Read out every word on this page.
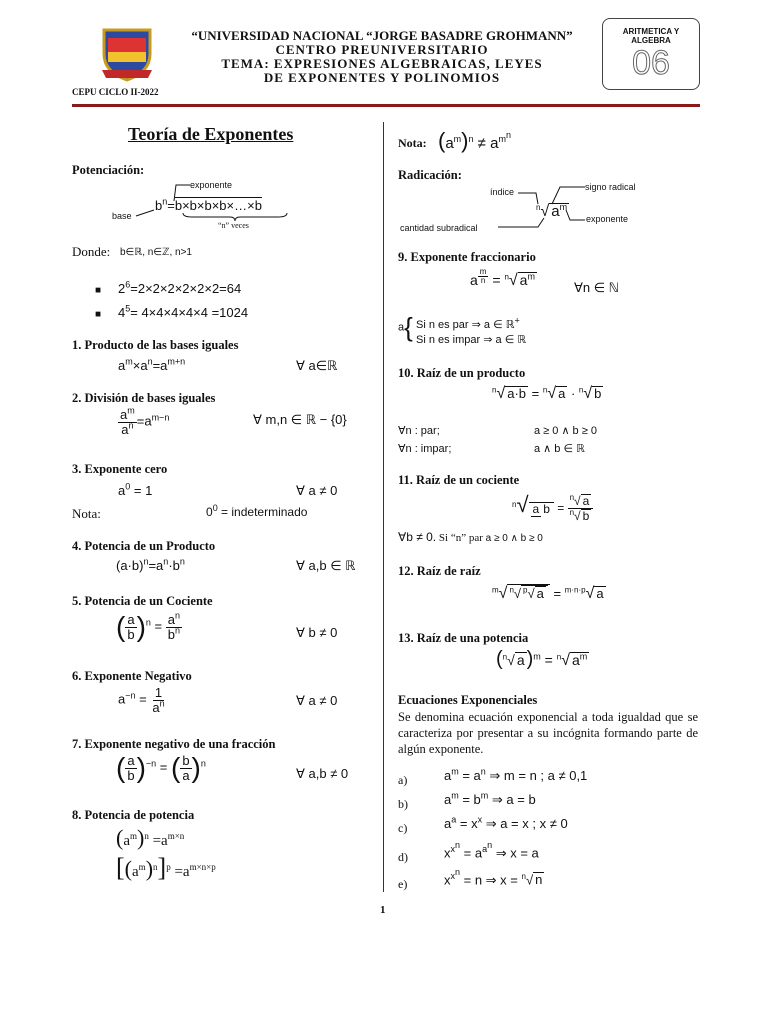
“UNIVERSIDAD NACIONAL “JORGE BASADRE GROHMANN”
CENTRO PREUNIVERSITARIO
TEMA: EXPRESIONES ALGEBRAICAS, LEYES
DE EXPONENTES Y POLINOMIOS
CEPU CICLO II-2022
ARITMETICA Y
ALGEBRA
06
Teoría de Exponentes
Potenciación:
exponente
base
$b^n=b\times b\times b\times b\times\dots\times b$
“n” veces
Donde: b∈ℝ, n∈ℤ, n>1
■ $2^6=2\times 2\times 2\times 2\times 2\times 2=64$
■ $4^5= 4\times 4\times 4\times 4\times 4 =1024$
1. Producto de las bases iguales
$a^m\times a^n=a^{m+n}$	∀ a∈ℝ
2. División de bases iguales
$\frac{a^m}{a^n} =a^{m-n}$	∀ m,n ∈ ℝ − {0}
3. Exponente cero
$a^0 = 1$	∀ a ≠ 0
Nota:	$0^0$ = indeterminado
4. Potencia de un Producto
$(a\cdot b)^n=a^n\cdot b^n$	∀ a,b ∈ ℝ
5. Potencia de un Cociente
( $\frac{a}{b} )^n = \frac{a^n}{b^n}$	∀ b ≠ 0
6. Exponente Negativo
$a^{-n} = \frac{1}{a^n}$	∀ a ≠ 0
7. Exponente negativo de una fracción
( $\frac{a}{b} )^{-n}$ = ( $\frac{b}{a} )^n$
∀ a,b ≠ 0
8. Potencia de potencia
$(a^m)^n =a^{m\times n}$
$[(a^m)^n]^p =a^{m\times n\times p}$
Nota: $(a^m)^n \ne a^{m^n}$
Radicación:
índice	signo radical
exponente
cantidad subradical
$^n$√ $a^m$
9. Exponente fraccionario
a $^{\frac{m}{n}}$ = $^n$√ $a^m$
∀n ∈ ℕ
a{ Si n es par ⇒ a ∈ ℝ+
Si n es impar ⇒ a ∈ ℝ
10. Raíz de un producto
$^n$√ a·b = $^n$√ a · $^n$√ b
∀n : par;	a ≥ 0 ∧ b ≥ 0
∀n : impar;	a ∧ b ∈ ℝ
11. Raíz de un cociente
$^n$√ a $b = \frac{^n√ a}{^n√ b}$
∀b ≠ 0. Si “n” par a ≥ 0 ∧ b ≥ 0
12. Raíz de raíz
$^m$√ $^n$√ $^p$√ a = $^{m\cdot n\cdot p}$√ a
13. Raíz de una potencia
($^n$√ a )$^m$ = $^n$√ $a^m$
Ecuaciones Exponenciales
Se denomina ecuación exponencial a toda igualdad que se caracteriza por presentar a su incógnita formando parte de algún exponente.
a)	$a^m = a^n$ ⇒ m = n ; a ≠ 0,1
b)	$a^m = b^m$ ⇒ a = b
c)	$a^a = x^x$ ⇒ a = x ; x ≠ 0
d)	$x^{x^n} = a^{a^n}$ ⇒ x = a
e)	$x^{x^n} = n$ ⇒ x = $^n$√ n
1
